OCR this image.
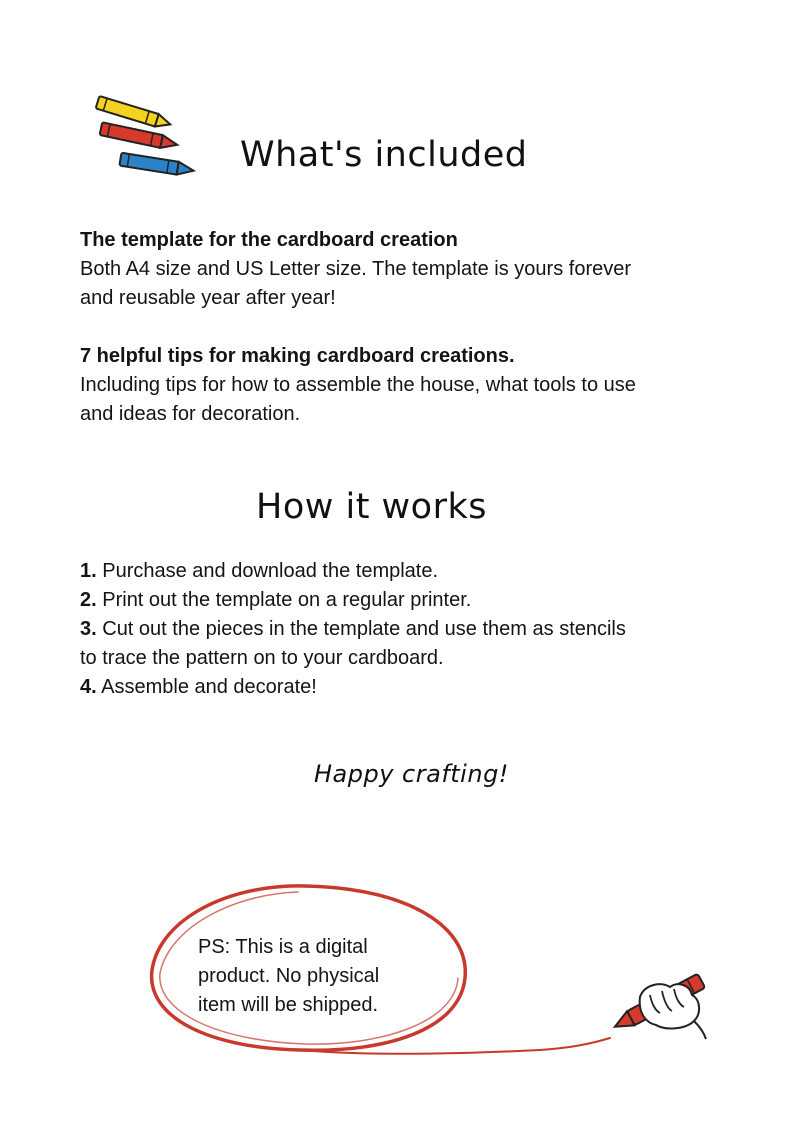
What's included

The template for the cardboard creation

Both A4 size and US Letter size. The template is yours forever

and reusable year after year!

7 helpful tips for making cardboard creations.

Including tips for how to assemble the house, what tools to use

and ideas for decoration.

How it works

1. Purchase and download the template.

2. Print out the template on a regular printer.

3. Cut out the pieces in the template and use them as stencils

to trace the pattern on to your cardboard.

4. Assemble and decorate!

Happy crafting!

PS: This is a digital

product. No physical

item will be shipped.
